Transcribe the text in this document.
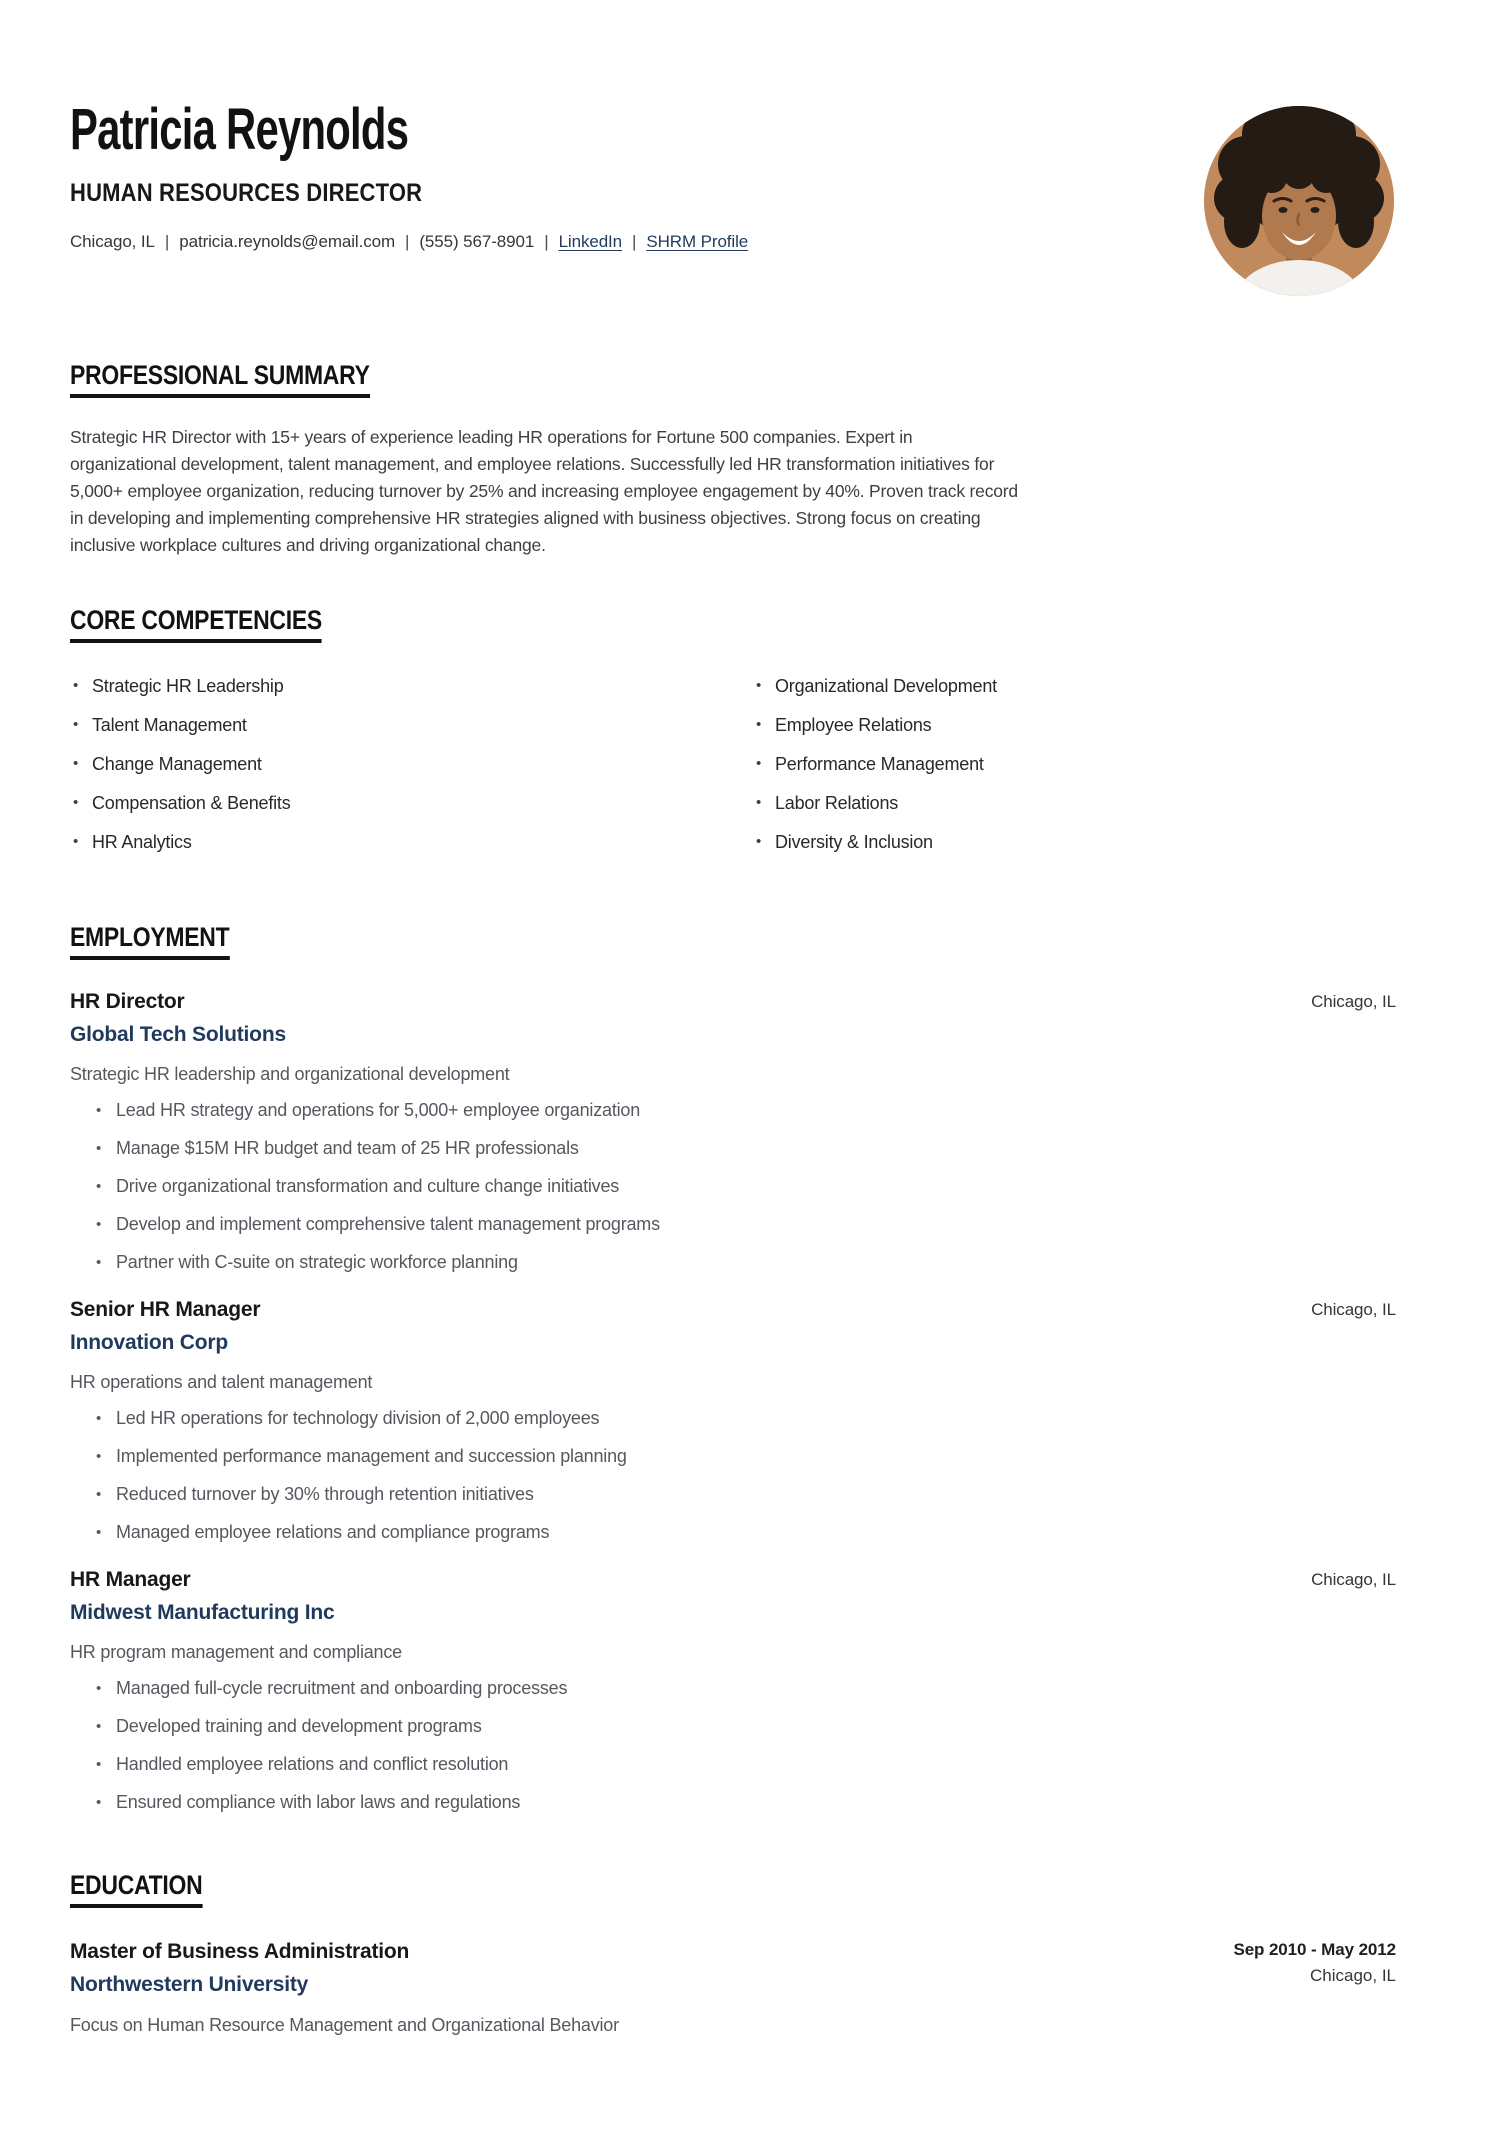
Patricia Reynolds
HUMAN RESOURCES DIRECTOR
Chicago, IL | patricia.reynolds@email.com | (555) 567-8901 | LinkedIn | SHRM Profile
PROFESSIONAL SUMMARY

Strategic HR Director with 15+ years of experience leading HR operations for Fortune 500 companies. Expert in organizational development, talent management, and employee relations. Successfully led HR transformation initiatives for 5,000+ employee organization, reducing turnover by 25% and increasing employee engagement by 40%. Proven track record in developing and implementing comprehensive HR strategies aligned with business objectives. Strong focus on creating inclusive workplace cultures and driving organizational change.

CORE COMPETENCIES
• Strategic HR Leadership
• Talent Management
• Change Management
• Compensation & Benefits
• HR Analytics
• Organizational Development
• Employee Relations
• Performance Management
• Labor Relations
• Diversity & Inclusion
EMPLOYMENT
HR Director	Chicago, IL
Global Tech Solutions
Strategic HR leadership and organizational development
• Lead HR strategy and operations for 5,000+ employee organization
• Manage $15M HR budget and team of 25 HR professionals
• Drive organizational transformation and culture change initiatives
• Develop and implement comprehensive talent management programs
• Partner with C-suite on strategic workforce planning
Senior HR Manager	Chicago, IL
Innovation Corp
HR operations and talent management
• Led HR operations for technology division of 2,000 employees
• Implemented performance management and succession planning
• Reduced turnover by 30% through retention initiatives
• Managed employee relations and compliance programs
HR Manager	Chicago, IL
Midwest Manufacturing Inc
HR program management and compliance
• Managed full-cycle recruitment and onboarding processes
• Developed training and development programs
• Handled employee relations and conflict resolution
• Ensured compliance with labor laws and regulations
EDUCATION
Master of Business Administration
Northwestern University
Sep 2010 - May 2012
Chicago, IL
Focus on Human Resource Management and Organizational Behavior
